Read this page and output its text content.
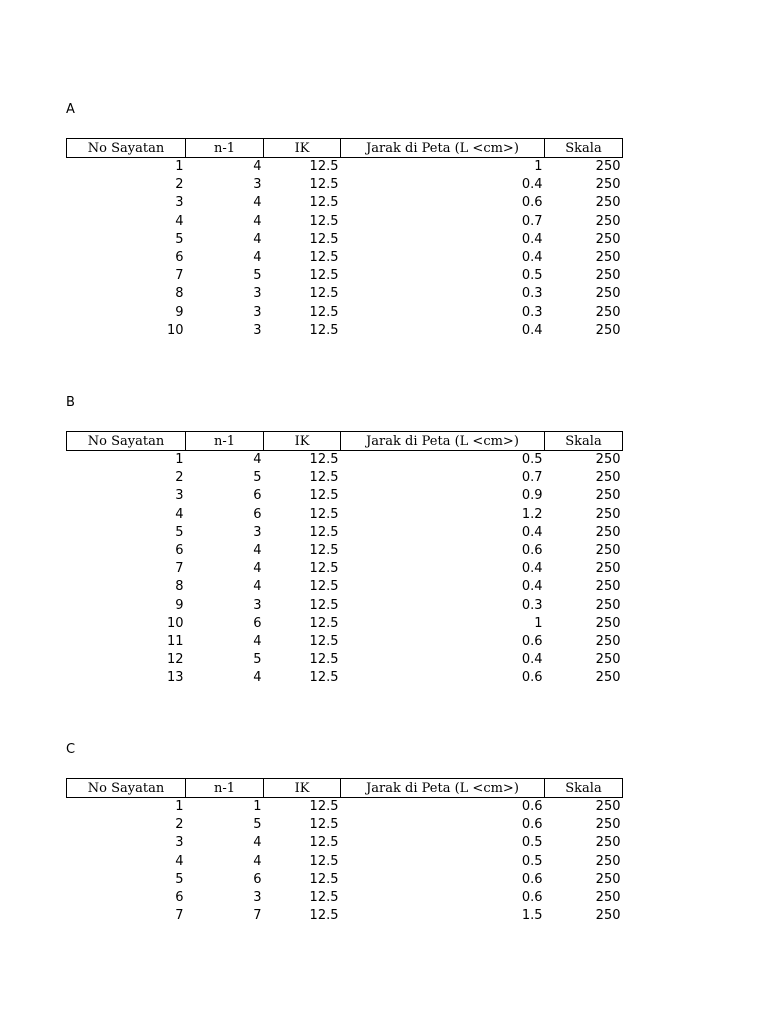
A
No Sayatan	n-1	IK	Jarak di Peta (L <cm>)	Skala
1	4	12.5	1	250
2	3	12.5	0.4	250
3	4	12.5	0.6	250
4	4	12.5	0.7	250
5	4	12.5	0.4	250
6	4	12.5	0.4	250
7	5	12.5	0.5	250
8	3	12.5	0.3	250
9	3	12.5	0.3	250
10	3	12.5	0.4	250
B
No Sayatan	n-1	IK	Jarak di Peta (L <cm>)	Skala
1	4	12.5	0.5	250
2	5	12.5	0.7	250
3	6	12.5	0.9	250
4	6	12.5	1.2	250
5	3	12.5	0.4	250
6	4	12.5	0.6	250
7	4	12.5	0.4	250
8	4	12.5	0.4	250
9	3	12.5	0.3	250
10	6	12.5	1	250
11	4	12.5	0.6	250
12	5	12.5	0.4	250
13	4	12.5	0.6	250
C
No Sayatan	n-1	IK	Jarak di Peta (L <cm>)	Skala
1	1	12.5	0.6	250
2	5	12.5	0.6	250
3	4	12.5	0.5	250
4	4	12.5	0.5	250
5	6	12.5	0.6	250
6	3	12.5	0.6	250
7	7	12.5	1.5	250
